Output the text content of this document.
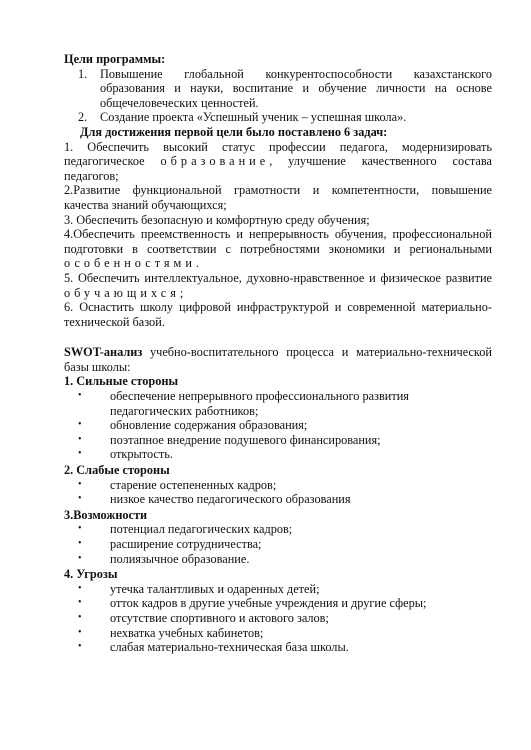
Цели программы:
1.	Повышение глобальной конкурентоспособности казахстанского образования и науки, воспитание и обучение личности на основе общечеловеческих ценностей.
2.	Создание проекта «Успешный ученик – успешная школа».
Для достижения первой цели было поставлено 6 задач:

1. Обеспечить высокий статус профессии педагога, модернизировать педагогическое образование, улучшение качественного состава педагогов;

2.Развитие функциональной грамотности и компетентности, повышение качества знаний обучающихся;

3. Обеспечить безопасную и комфортную среду обучения;

4.Обеспечить преемственность и непрерывность обучения, профессиональной подготовки в соответствии с потребностями экономики и региональными особенностями.

5. Обеспечить интеллектуальное, духовно-нравственное и физическое развитие обучающихся;

6. Оснастить школу цифровой инфраструктурой и современной материально-технической базой.

SWOT-анализ учебно-воспитательного процесса и материально-технической базы школы:

1. Сильные стороны
•	обеспечение непрерывного профессионального развития педагогических работников;
•	обновление содержания образования;
•	поэтапное внедрение подушевого финансирования;
•	открытость.
2. Слабые стороны
•	старение остепененных кадров;
•	низкое качество педагогического образования
3.Возможности
•	потенциал педагогическиx кадров;
•	расширение сотрудничества;
•	полиязычное образование.
4. Угрозы
•	утечка талантливых и одаренных детей;
•	отток кадров в другие учебные учреждения и другие сферы;
•	отсутствие спортивного и актового залов;
•	нехватка учебных кабинетов;
•	слабая материально-техническая база школы.
